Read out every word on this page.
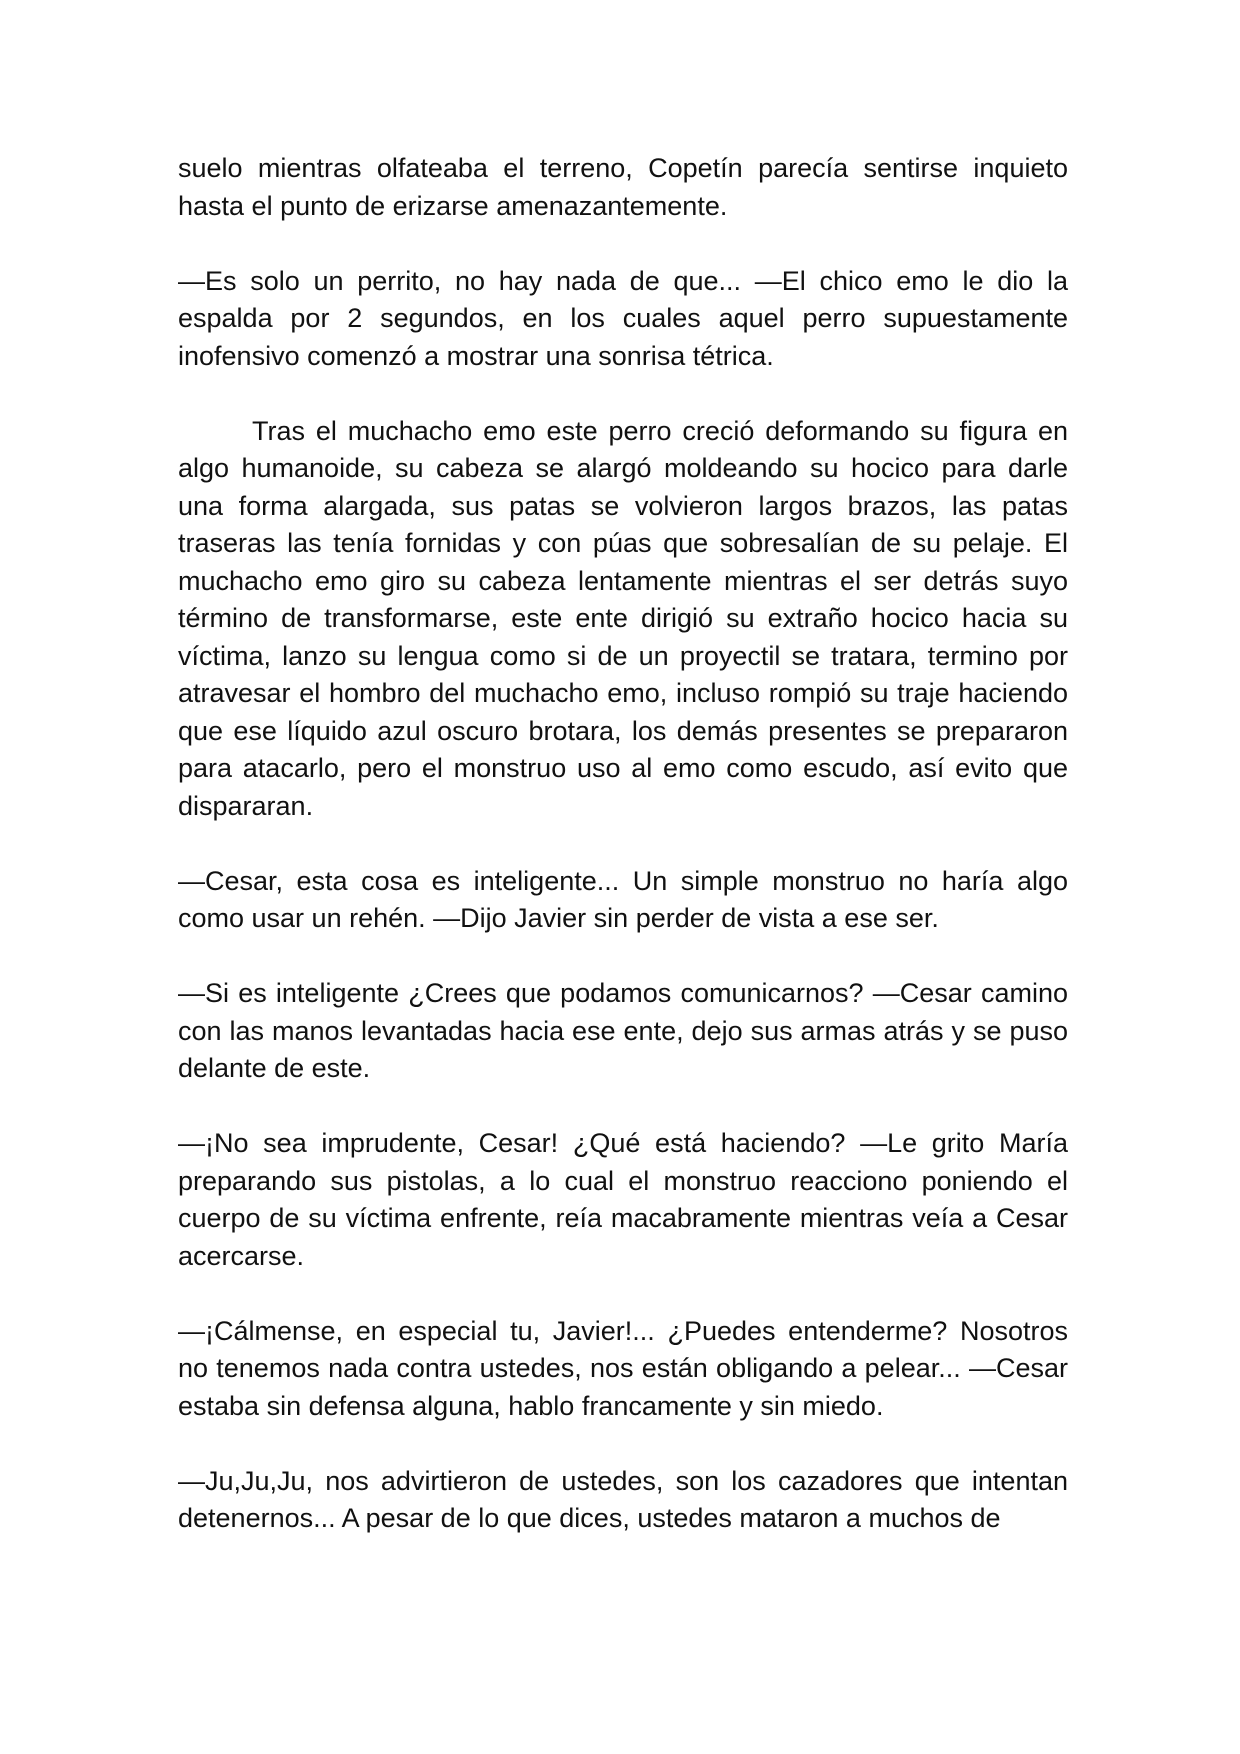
suelo mientras olfateaba el terreno, Copetín parecía sentirse inquieto hasta el punto de erizarse amenazantemente.

—Es solo un perrito, no hay nada de que... —El chico emo le dio la espalda por 2 segundos, en los cuales aquel perro supuestamente inofensivo comenzó a mostrar una sonrisa tétrica.

Tras el muchacho emo este perro creció deformando su figura en algo humanoide, su cabeza se alargó moldeando su hocico para darle una forma alargada, sus patas se volvieron largos brazos, las patas traseras las tenía fornidas y con púas que sobresalían de su pelaje. El muchacho emo giro su cabeza lentamente mientras el ser detrás suyo término de transformarse, este ente dirigió su extraño hocico hacia su víctima, lanzo su lengua como si de un proyectil se tratara, termino por atravesar el hombro del muchacho emo, incluso rompió su traje haciendo que ese líquido azul oscuro brotara, los demás presentes se prepararon para atacarlo, pero el monstruo uso al emo como escudo, así evito que dispararan.

—Cesar, esta cosa es inteligente... Un simple monstruo no haría algo como usar un rehén. —Dijo Javier sin perder de vista a ese ser.

—Si es inteligente ¿Crees que podamos comunicarnos? —Cesar camino con las manos levantadas hacia ese ente, dejo sus armas atrás y se puso delante de este.

—¡No sea imprudente, Cesar! ¿Qué está haciendo? —Le grito María preparando sus pistolas, a lo cual el monstruo reacciono poniendo el cuerpo de su víctima enfrente, reía macabramente mientras veía a Cesar acercarse.

—¡Cálmense, en especial tu, Javier!... ¿Puedes entenderme? Nosotros no tenemos nada contra ustedes, nos están obligando a pelear... —Cesar estaba sin defensa alguna, hablo francamente y sin miedo.

—Ju,Ju,Ju, nos advirtieron de ustedes, son los cazadores que intentan detenernos... A pesar de lo que dices, ustedes mataron a muchos de
